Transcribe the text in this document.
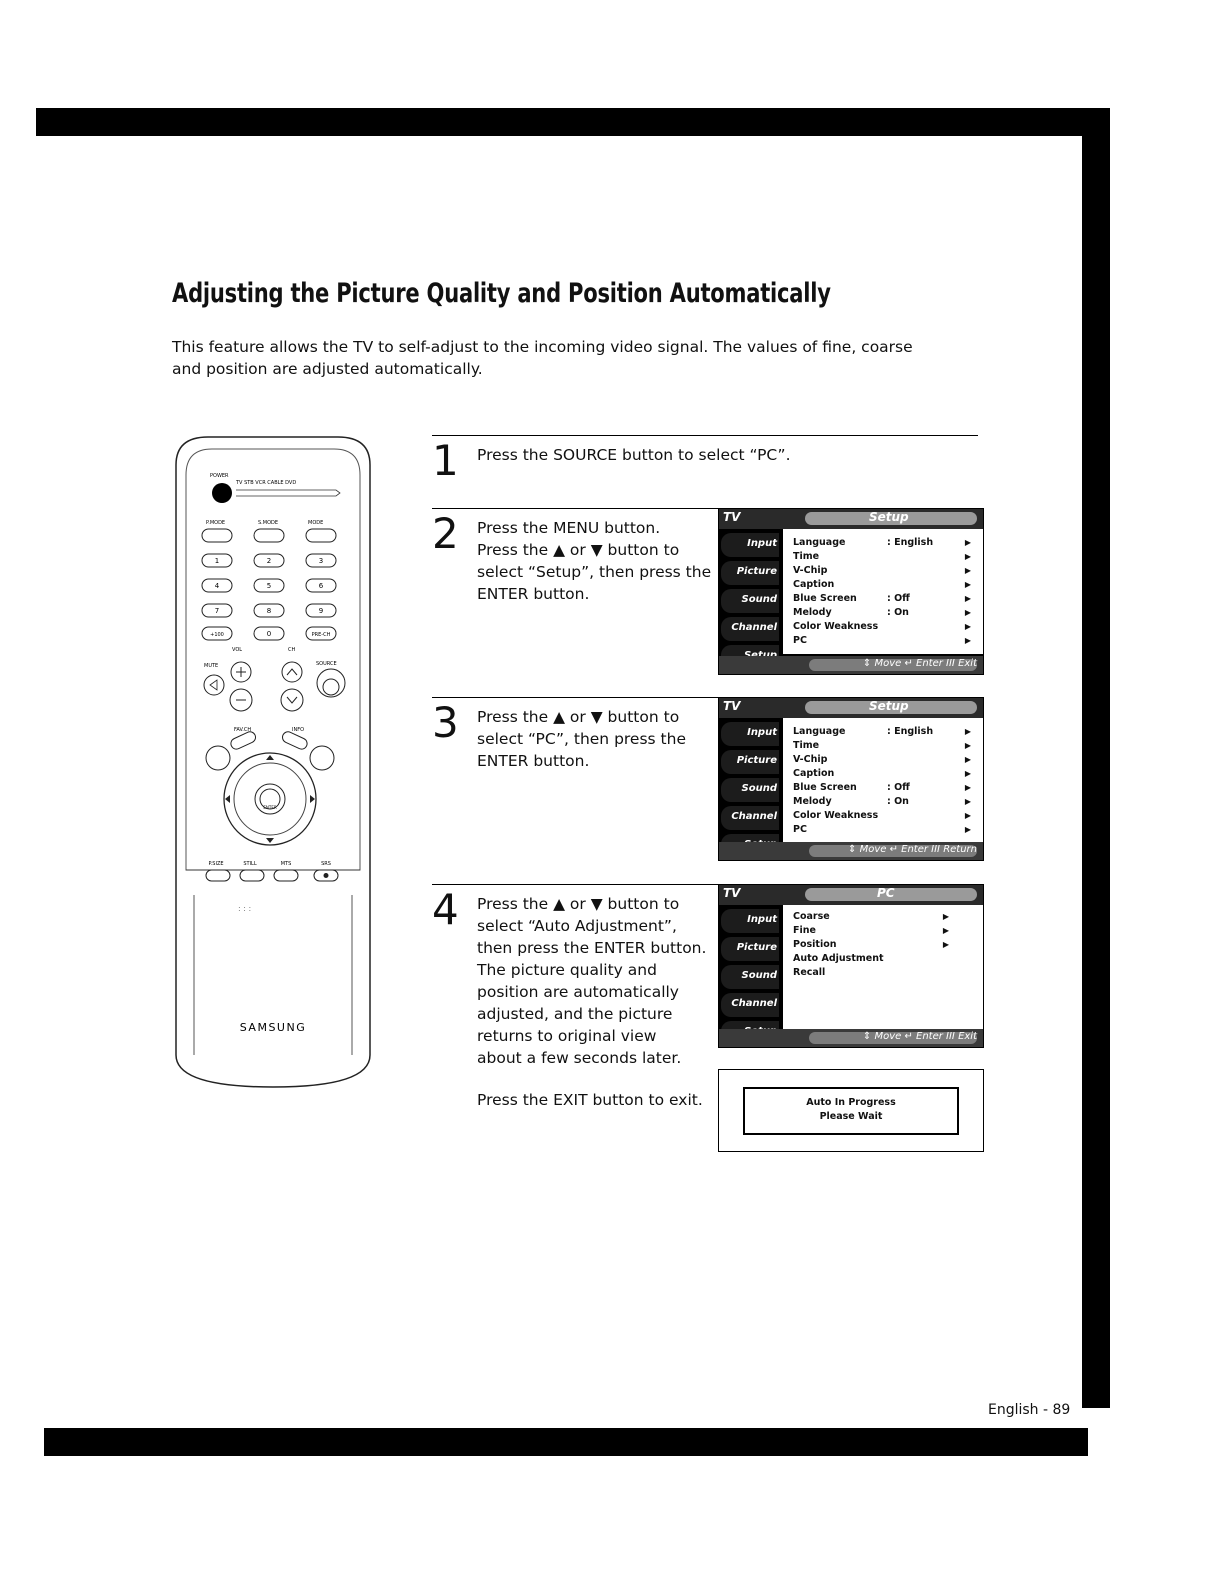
Adjusting the Picture Quality and Position Automatically
This feature allows the TV to self-adjust to the incoming video signal. The values of fine, coarse
and position are adjusted automatically.
POWER
TV STB VCR CABLE DVD
P.MODE	S.MODE	MODE
1	2	3
4	5	6
7	8	9
+100	0	PRE-CH
VOL	CH
MUTE	SOURCE
FAV.CH	INFO
ENTER
P.SIZE	STILL	MTS	SRS
: : :
SAMSUNG
1 Press the SOURCE button to select “PC”.
2 Press the MENU button.
Press the ▲ or ▼ button to
select “Setup”, then press the
ENTER button.
TV	Setup
Input
Picture
Sound
Channel
Language	: English	▶
Time	▶
V-Chip	▶
Caption	▶
Blue Screen	: Off	▶
Melody	: On	▶
Color Weakness	▶
PC	▶
⇕ Move ↵ Enter III Exit
3 Press the ▲ or ▼ button to
select “PC”, then press the
ENTER button.
TV	Setup
Input
Picture
Sound
Channel
Language	: English	▶
Time	▶
V-Chip	▶
Caption	▶
Blue Screen	: Off	▶
Melody	: On	▶
Color Weakness	▶
PC	▶
⇕ Move ↵ Enter III Return
4 Press the ▲ or ▼ button to
select “Auto Adjustment”,
then press the ENTER button.
The picture quality and
position are automatically
adjusted, and the picture
returns to original view
about a few seconds later.
Press the EXIT button to exit.
TV	PC
Input
Picture
Sound
Channel
Coarse	▶
Fine	▶
Position	▶
Auto Adjustment
Recall
⇕ Move ↵ Enter III Exit
Auto In Progress
Please Wait
English - 89
